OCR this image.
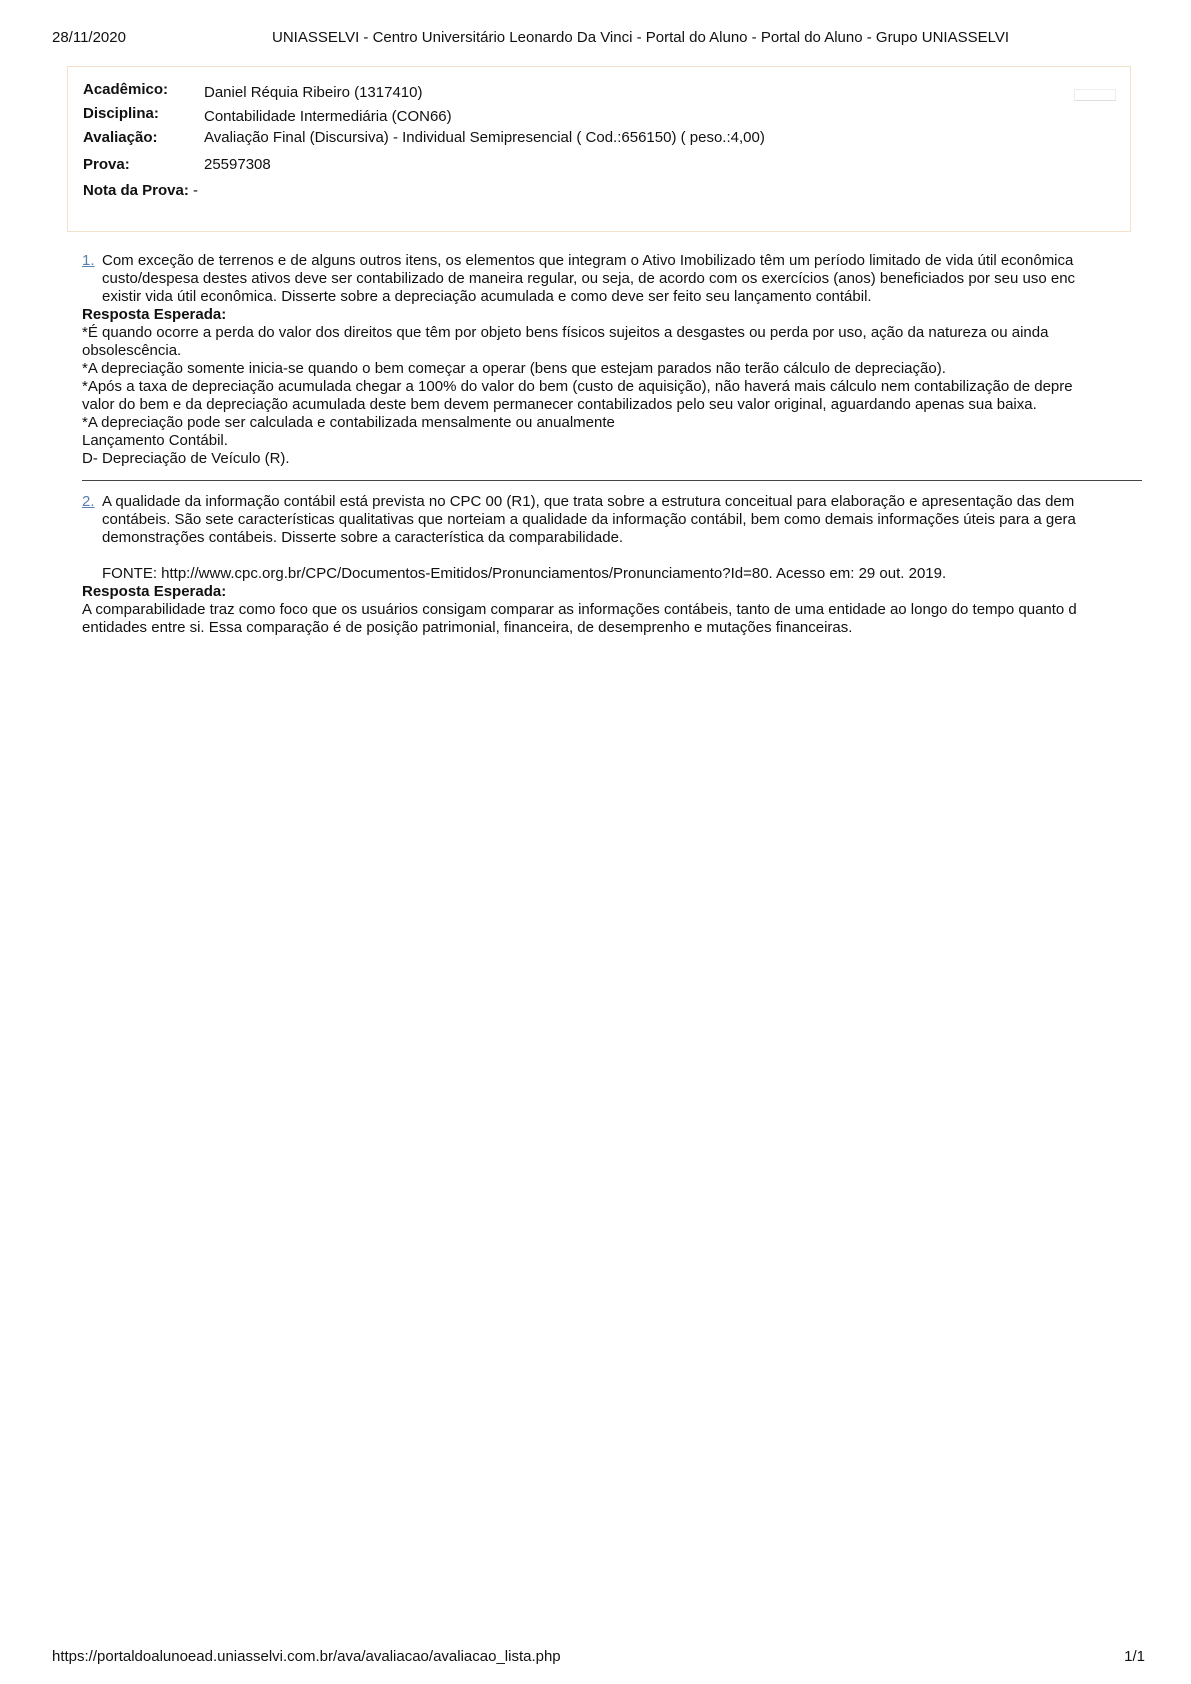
28/11/2020	UNIASSELVI - Centro Universitário Leonardo Da Vinci - Portal do Aluno - Portal do Aluno - Grupo UNIASSELVI
Acadêmico: Daniel Réquia Ribeiro (1317410)
Disciplina:	Contabilidade Intermediária (CON66)
Avaliação:	Avaliação Final (Discursiva) - Individual Semipresencial ( Cod.:656150) ( peso.:4,00)
Prova:	25597308
Nota da Prova: -
1. Com exceção de terrenos e de alguns outros itens, os elementos que integram o Ativo Imobilizado têm um período limitado de vida útil econômica
custo/despesa destes ativos deve ser contabilizado de maneira regular, ou seja, de acordo com os exercícios (anos) beneficiados por seu uso enc
existir vida útil econômica. Disserte sobre a depreciação acumulada e como deve ser feito seu lançamento contábil.
Resposta Esperada:
*É quando ocorre a perda do valor dos direitos que têm por objeto bens físicos sujeitos a desgastes ou perda por uso, ação da natureza ou ainda
obsolescência.
*A depreciação somente inicia-se quando o bem começar a operar (bens que estejam parados não terão cálculo de depreciação).
*Após a taxa de depreciação acumulada chegar a 100% do valor do bem (custo de aquisição), não haverá mais cálculo nem contabilização de depre
valor do bem e da depreciação acumulada deste bem devem permanecer contabilizados pelo seu valor original, aguardando apenas sua baixa.
*A depreciação pode ser calculada e contabilizada mensalmente ou anualmente
Lançamento Contábil.
D- Depreciação de Veículo (R).
2. A qualidade da informação contábil está prevista no CPC 00 (R1), que trata sobre a estrutura conceitual para elaboração e apresentação das dem
contábeis. São sete características qualitativas que norteiam a qualidade da informação contábil, bem como demais informações úteis para a gera
demonstrações contábeis. Disserte sobre a característica da comparabilidade.
FONTE: http://www.cpc.org.br/CPC/Documentos-Emitidos/Pronunciamentos/Pronunciamento?Id=80. Acesso em: 29 out. 2019.
Resposta Esperada:
A comparabilidade traz como foco que os usuários consigam comparar as informações contábeis, tanto de uma entidade ao longo do tempo quanto d
entidades entre si. Essa comparação é de posição patrimonial, financeira, de desemprenho e mutações financeiras.
https://portaldoalunoead.uniasselvi.com.br/ava/avaliacao/avaliacao_lista.php	1/1
